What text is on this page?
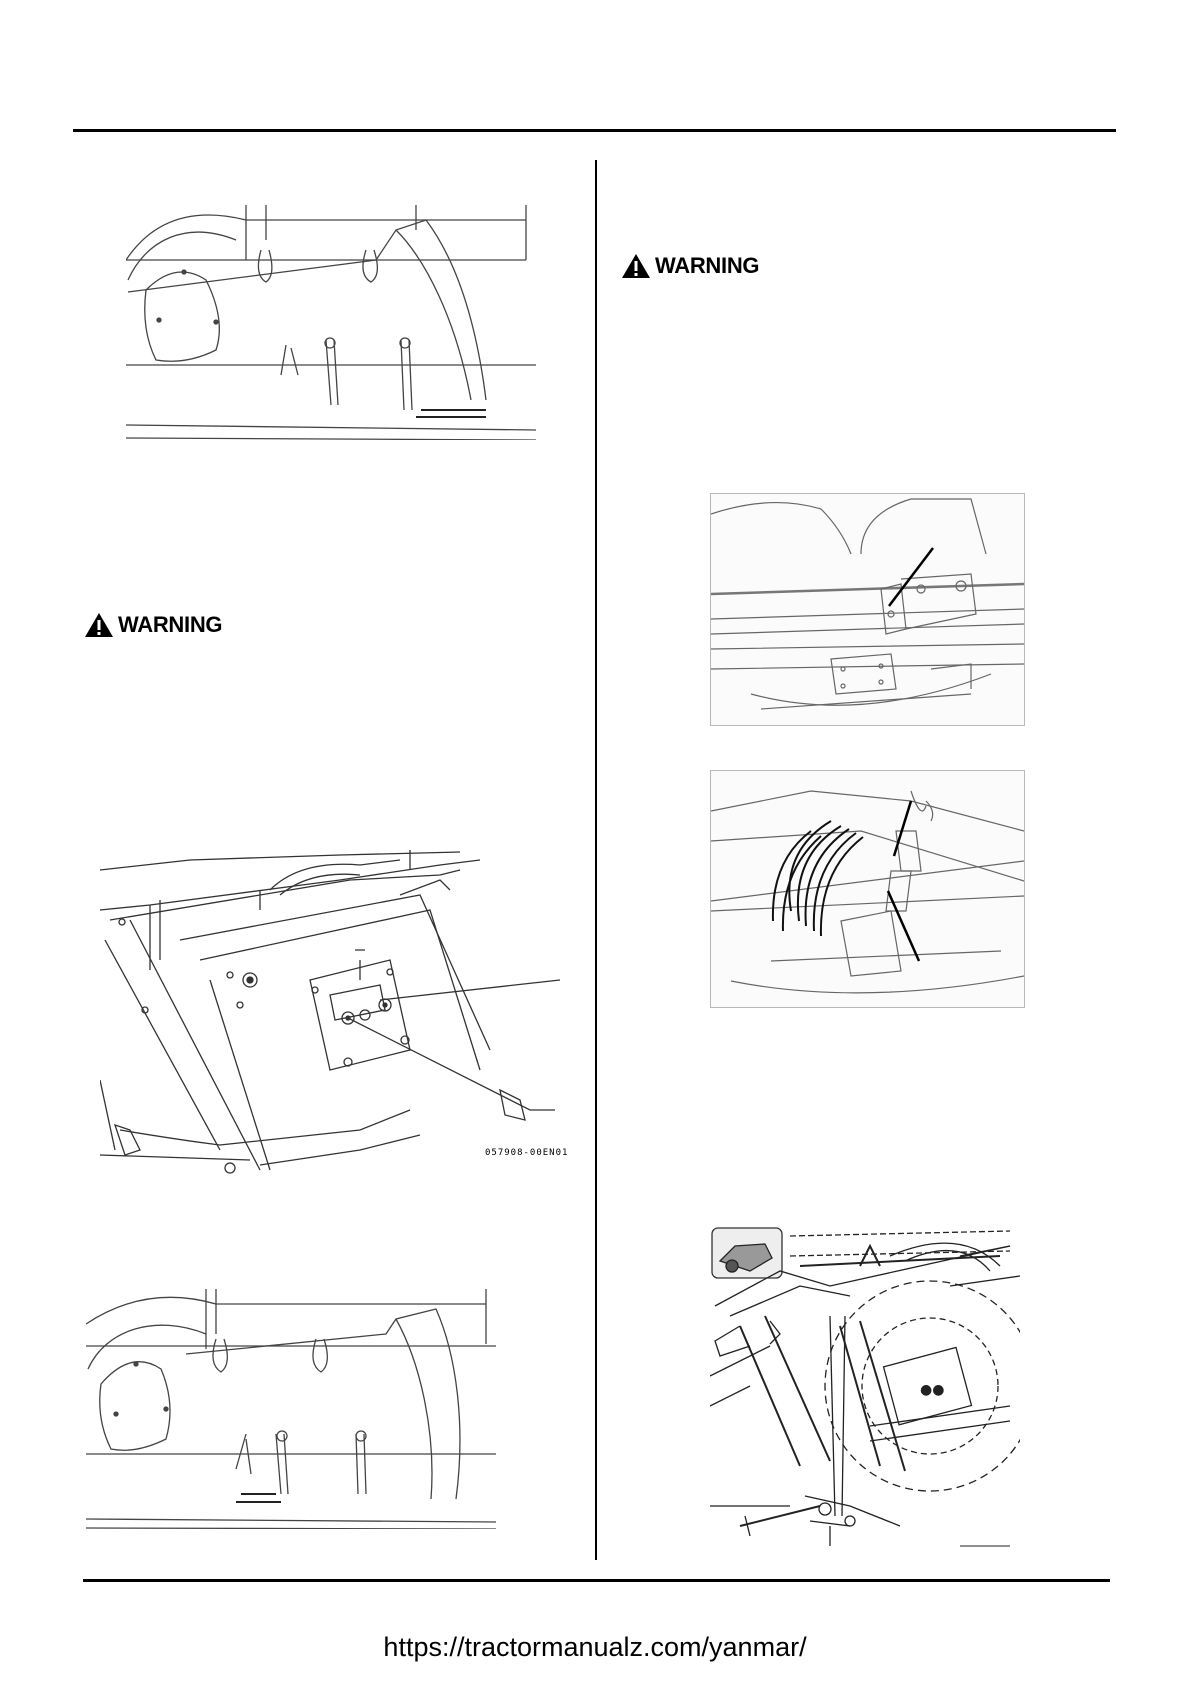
WARNING
057908-00EN01
WARNING
●●
https://tractormanualz.com/yanmar/
